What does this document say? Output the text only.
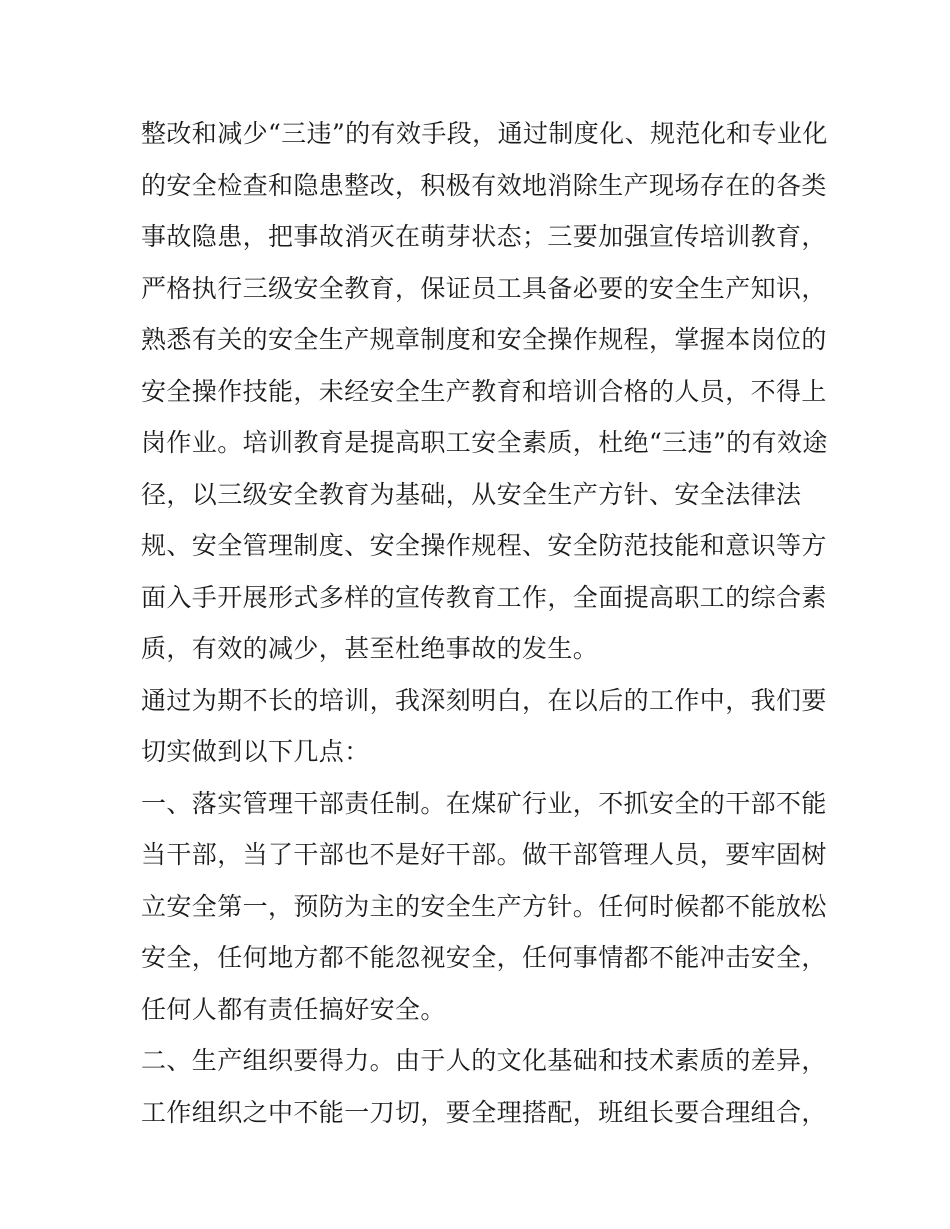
整改和减少“三违”的有效手段，通过制度化、规范化和专业化
的安全检查和隐患整改，积极有效地消除生产现场存在的各类
事故隐患，把事故消灭在萌芽状态；三要加强宣传培训教育，
严格执行三级安全教育，保证员工具备必要的安全生产知识，
熟悉有关的安全生产规章制度和安全操作规程，掌握本岗位的
安全操作技能，未经安全生产教育和培训合格的人员，不得上
岗作业。培训教育是提高职工安全素质，杜绝“三违”的有效途
径，以三级安全教育为基础，从安全生产方针、安全法律法
规、安全管理制度、安全操作规程、安全防范技能和意识等方
面入手开展形式多样的宣传教育工作，全面提高职工的综合素
质，有效的减少，甚至杜绝事故的发生。
通过为期不长的培训，我深刻明白，在以后的工作中，我们要
切实做到以下几点：
一、落实管理干部责任制。在煤矿行业，不抓安全的干部不能
当干部，当了干部也不是好干部。做干部管理人员，要牢固树
立安全第一，预防为主的安全生产方针。任何时候都不能放松
安全，任何地方都不能忽视安全，任何事情都不能冲击安全，
任何人都有责任搞好安全。
二、生产组织要得力。由于人的文化基础和技术素质的差异，
工作组织之中不能一刀切，要全理搭配，班组长要合理组合，
